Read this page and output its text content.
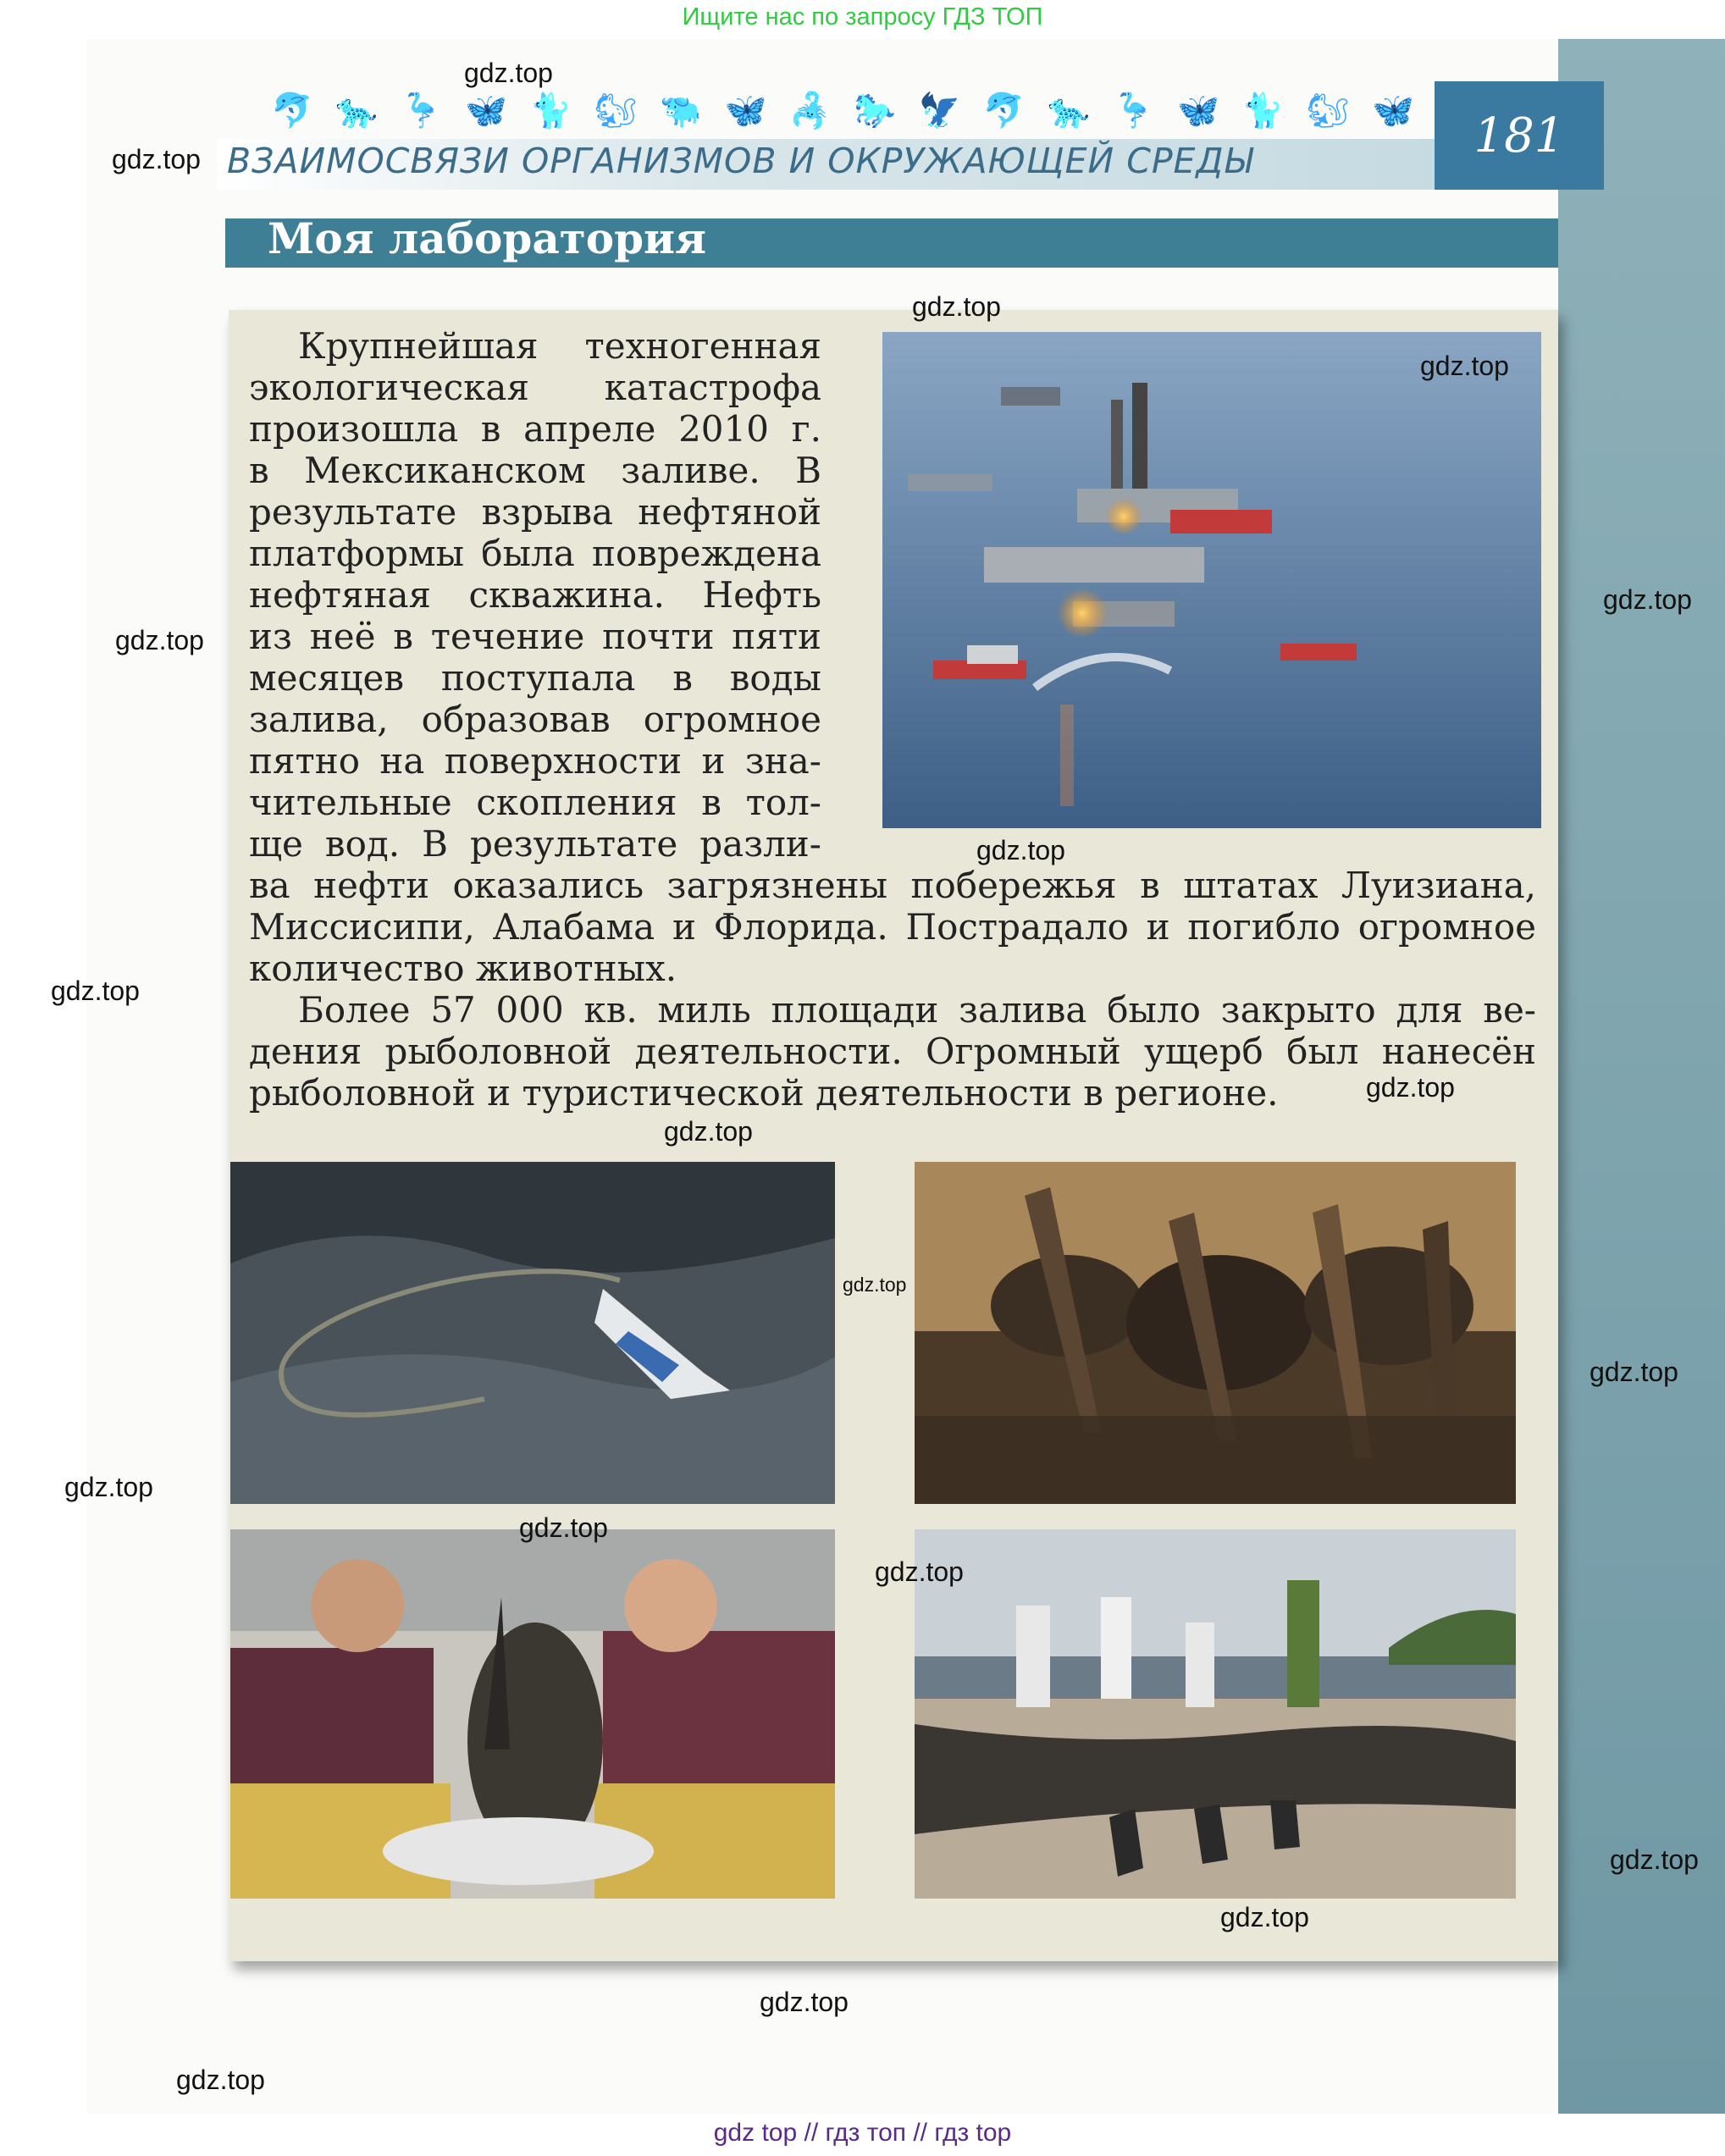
Ищите нас по запросу ГДЗ ТОП
🐬 🐆 🦩 🦋 🐈 🐿 🐃 🦋 🦂 🐎 🦅 🐬 🐆 🦩 🦋 🐈 🐿 🦋
ВЗАИМОСВЯЗИ ОРГАНИЗМОВ И ОКРУЖАЮЩЕЙ СРЕДЫ	181
Моя лаборатория
Крупнейшая техногенная
экологическая катастрофа
произошла в апреле 2010 г.
в Мексиканском заливе. В
результате взрыва нефтяной
платформы была повреждена
нефтяная скважина. Нефть
из неё в течение почти пяти
месяцев поступала в воды
залива, образовав огромное
пятно на поверхности и зна-
чительные скопления в тол-
ще вод. В результате разли-
ва нефти оказались загрязнены побережья в штатах Луизиана,
Миссисипи, Алабама и Флорида. Пострадало и погибло огромное
количество животных.
Более 57 000 кв. миль площади залива было закрыто для ве-
дения рыболовной деятельности. Огромный ущерб был нанесён
рыболовной и туристической деятельности в регионе.
gdz.top
gdz.top
gdz.top
gdz.top
gdz.top
gdz.top
gdz.top
gdz.top
gdz.top
gdz.top
gdz.top
gdz.top
gdz.top
gdz.top
gdz.top
gdz.top
gdz.top
gdz.top
gdz.top
gdz top // гдз топ // гдз top
